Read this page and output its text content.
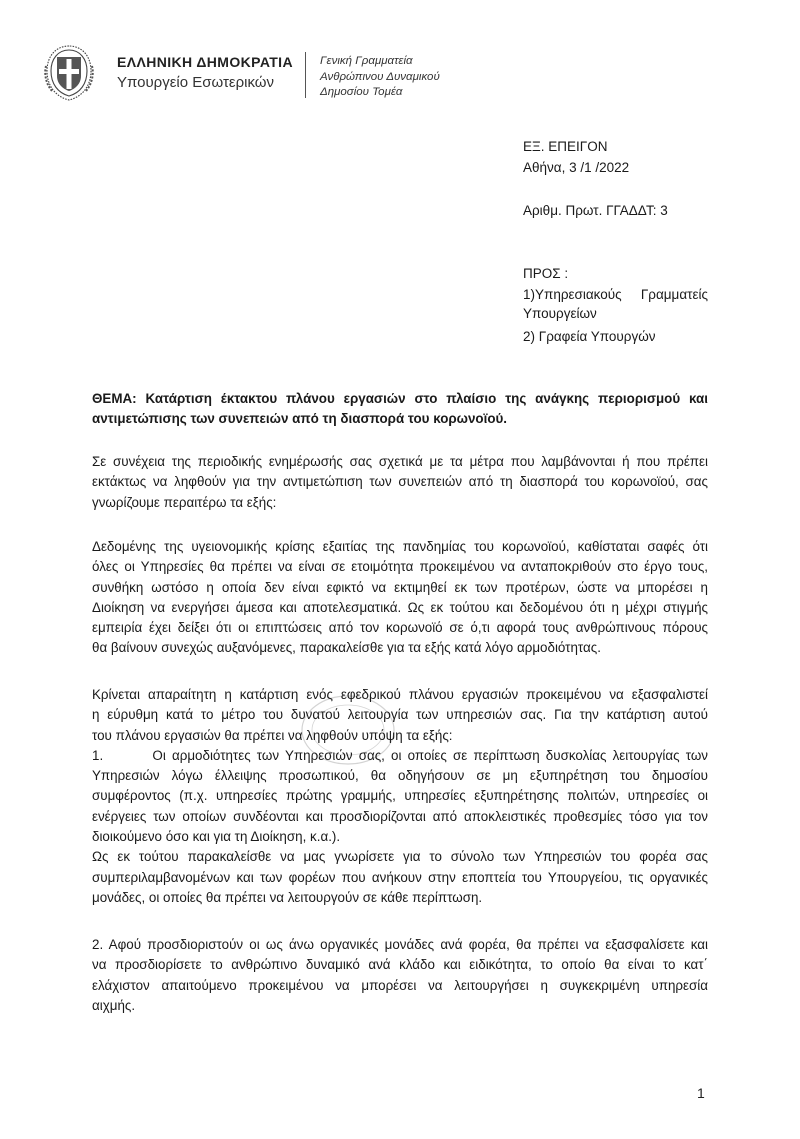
ΕΛΛΗΝΙΚΗ ΔΗΜΟΚΡΑΤΙΑ
Υπουργείο Εσωτερικών
Γενική Γραμματεία
Ανθρώπινου Δυναμικού
Δημοσίου Τομέα
ΕΞ. ΕΠΕΙΓΟΝ
Αθήνα, 3 /1 /2022
Αριθμ. Πρωτ. ΓΓΑΔΔΤ: 3
ΠΡΟΣ :
1)Υπηρεσιακούς Γραμματείς
Υπουργείων
2) Γραφεία Υπουργών
ΘΕΜΑ: Κατάρτιση έκτακτου πλάνου εργασιών στο πλαίσιο της ανάγκης περιορισμού και
αντιμετώπισης των συνεπειών από τη διασπορά του κορωνοϊού.
Σε συνέχεια της περιοδικής ενημέρωσής σας σχετικά με τα μέτρα που λαμβάνονται ή που πρέπει
εκτάκτως να ληφθούν για την αντιμετώπιση των συνεπειών από τη διασπορά του κορωνοϊού, σας
γνωρίζουμε περαιτέρω τα εξής:
Δεδομένης της υγειονομικής κρίσης εξαιτίας της πανδημίας του κορωνοϊού, καθίσταται σαφές ότι
όλες οι Υπηρεσίες θα πρέπει να είναι σε ετοιμότητα προκειμένου να ανταποκριθούν στο έργο τους,
συνθήκη ωστόσο η οποία δεν είναι εφικτό να εκτιμηθεί εκ των προτέρων, ώστε να μπορέσει η
Διοίκηση να ενεργήσει άμεσα και αποτελεσματικά. Ως εκ τούτου και δεδομένου ότι η μέχρι στιγμής
εμπειρία έχει δείξει ότι οι επιπτώσεις από τον κορωνοϊό σε ό,τι αφορά τους ανθρώπινους πόρους
θα βαίνουν συνεχώς αυξανόμενες, παρακαλείσθε για τα εξής κατά λόγο αρμοδιότητας.
Κρίνεται απαραίτητη η κατάρτιση ενός εφεδρικού πλάνου εργασιών προκειμένου να εξασφαλιστεί
η εύρυθμη κατά το μέτρο του δυνατού λειτουργία των υπηρεσιών σας. Για την κατάρτιση αυτού
του πλάνου εργασιών θα πρέπει να ληφθούν υπόψη τα εξής:
1.        Οι αρμοδιότητες των Υπηρεσιών σας, οι οποίες σε περίπτωση δυσκολίας λειτουργίας των
Υπηρεσιών λόγω έλλειψης προσωπικού, θα οδηγήσουν σε μη εξυπηρέτηση του δημοσίου
συμφέροντος (π.χ. υπηρεσίες πρώτης γραμμής, υπηρεσίες εξυπηρέτησης πολιτών, υπηρεσίες οι
ενέργειες των οποίων συνδέονται και προσδιορίζονται από αποκλειστικές προθεσμίες τόσο για τον
διοικούμενο όσο και για τη Διοίκηση, κ.α.).
Ως εκ τούτου παρακαλείσθε να μας γνωρίσετε για το σύνολο των Υπηρεσιών του φορέα σας
συμπεριλαμβανομένων και των φορέων που ανήκουν στην εποπτεία του Υπουργείου, τις οργανικές
μονάδες, οι οποίες θα πρέπει να λειτουργούν σε κάθε περίπτωση.
2. Αφού προσδιοριστούν οι ως άνω οργανικές μονάδες ανά φορέα, θα πρέπει να εξασφαλίσετε και
να προσδιορίσετε το ανθρώπινο δυναμικό ανά κλάδο και ειδικότητα, το οποίο θα είναι το κατ΄
ελάχιστον απαιτούμενο προκειμένου να μπορέσει να λειτουργήσει η συγκεκριμένη υπηρεσία
αιχμής.
1
